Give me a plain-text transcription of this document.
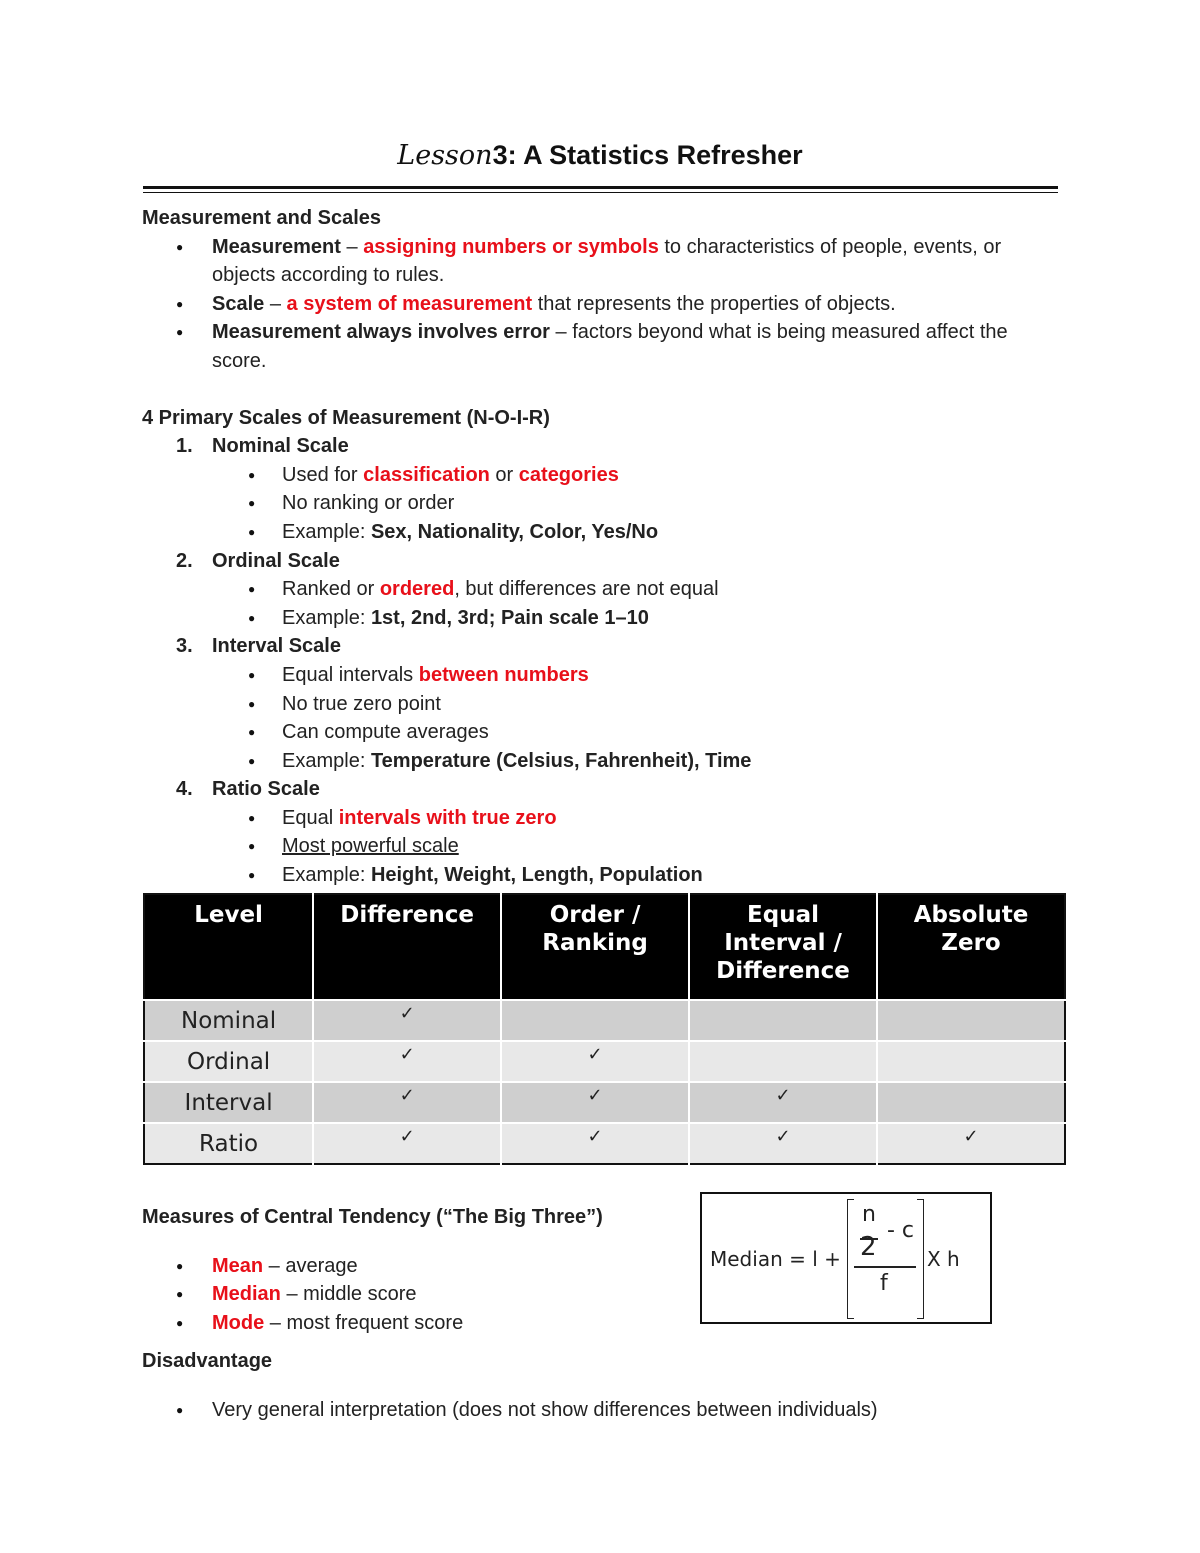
Lesson3: A Statistics Refresher

Measurement and Scales

● Measurement – assigning numbers or symbols to characteristics of people, events, or objects according to rules.
● Scale – a system of measurement that represents the properties of objects.
● Measurement always involves error – factors beyond what is being measured affect the score.

4 Primary Scales of Measurement (N-O-I-R)

1. Nominal Scale
● Used for classification or categories
● No ranking or order
● Example: Sex, Nationality, Color, Yes/No
2. Ordinal Scale
● Ranked or ordered, but differences are not equal
● Example: 1st, 2nd, 3rd; Pain scale 1–10
3. Interval Scale
● Equal intervals between numbers
● No true zero point
● Can compute averages
● Example: Temperature (Celsius, Fahrenheit), Time
4. Ratio Scale
● Equal intervals with true zero
● Most powerful scale
● Example: Height, Weight, Length, Population
Level	Difference	Order / Ranking	Equal Interval / Difference	Absolute Zero
Nominal	✓			
Ordinal	✓	✓		
Interval	✓	✓	✓	
Ratio	✓	✓	✓	✓

Measures of Central Tendency (“The Big Three”)

● Mean – average
● Median – middle score
● Mode – most frequent score
Median = l +
n
2
- c
f
X h

Disadvantage

● Very general interpretation (does not show differences between individuals)
